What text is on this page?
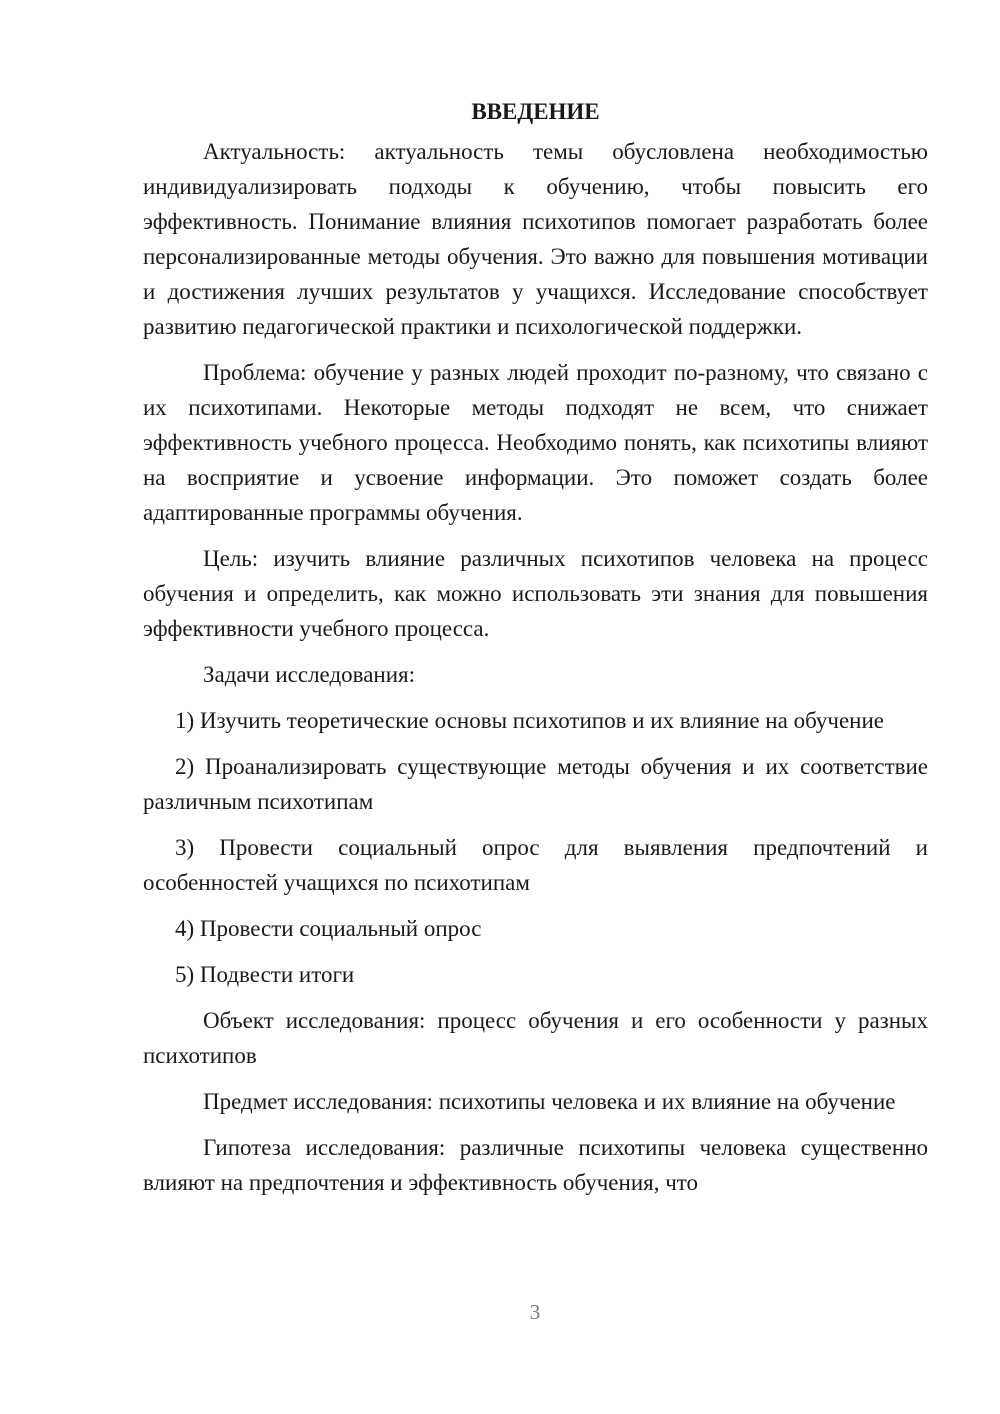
ВВЕДЕНИЕ

Актуальность: актуальность темы обусловлена необходимостью индивидуализировать подходы к обучению, чтобы повысить его эффективность. Понимание влияния психотипов помогает разработать более персонализированные методы обучения. Это важно для повышения мотивации и достижения лучших результатов у учащихся. Исследование способствует развитию педагогической практики и психологической поддержки.

Проблема: обучение у разных людей проходит по-разному, что связано с их психотипами. Некоторые методы подходят не всем, что снижает эффективность учебного процесса. Необходимо понять, как психотипы влияют на восприятие и усвоение информации. Это поможет создать более адаптированные программы обучения.

Цель: изучить влияние различных психотипов человека на процесс обучения и определить, как можно использовать эти знания для повышения эффективности учебного процесса.

Задачи исследования:

1) Изучить теоретические основы психотипов и их влияние на обучение

2) Проанализировать существующие методы обучения и их соответствие различным психотипам

3) Провести социальный опрос для выявления предпочтений и особенностей учащихся по психотипам

4) Провести социальный опрос

5) Подвести итоги

Объект исследования: процесс обучения и его особенности у разных психотипов

Предмет исследования: психотипы человека и их влияние на обучение

Гипотеза исследования: различные психотипы человека существенно влияют на предпочтения и эффективность обучения, что

3
